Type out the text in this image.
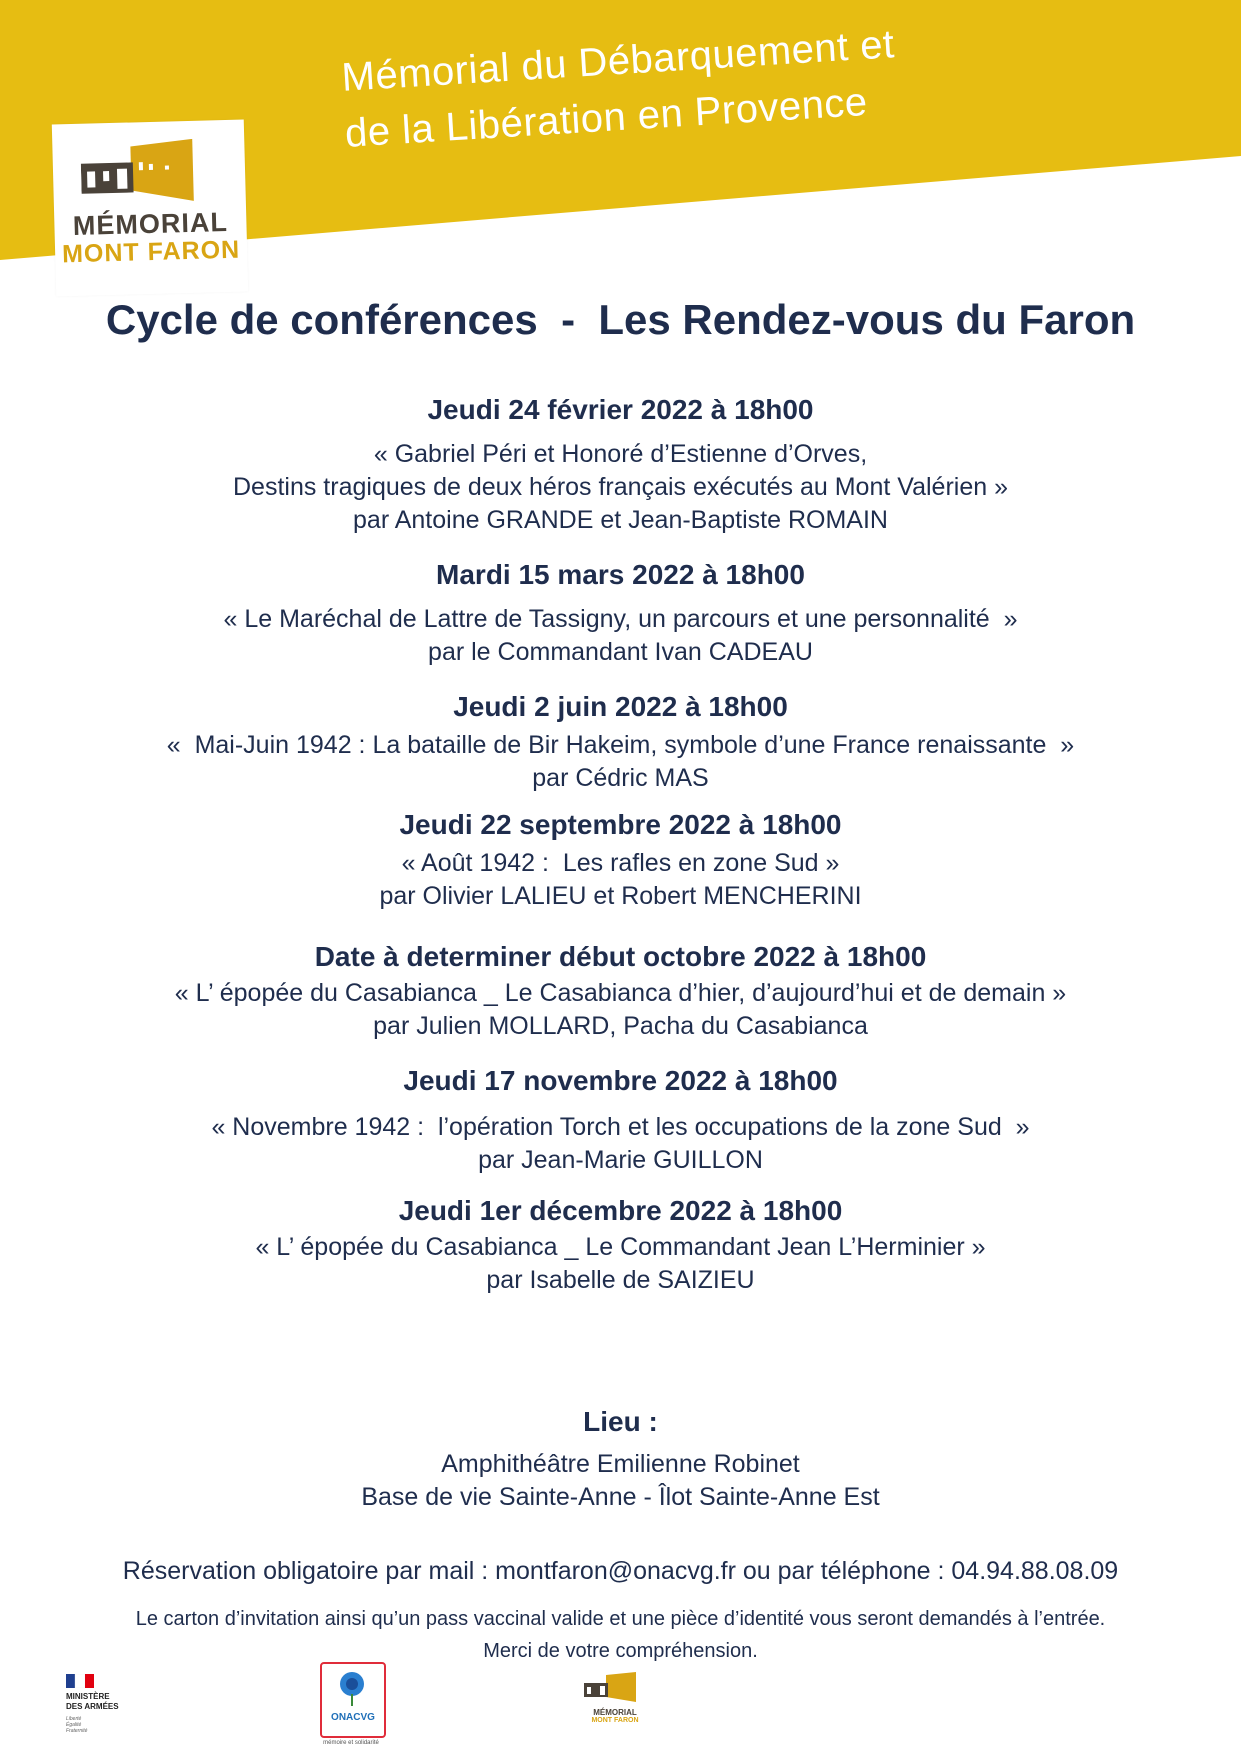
Mémorial du Débarquement et
de la Libération en Provence
MÉMORIAL
MONT FARON
Cycle de conférences  -  Les Rendez-vous du Faron
Jeudi 24 février 2022 à 18h00
« Gabriel Péri et Honoré d’Estienne d’Orves,
Destins tragiques de deux héros français exécutés au Mont Valérien »
par Antoine GRANDE et Jean-Baptiste ROMAIN
Mardi 15 mars 2022 à 18h00
« Le Maréchal de Lattre de Tassigny, un parcours et une personnalité  »
par le Commandant Ivan CADEAU
Jeudi 2 juin 2022 à 18h00
«  Mai-Juin 1942 : La bataille de Bir Hakeim, symbole d’une France renaissante  »
par Cédric MAS
Jeudi 22 septembre 2022 à 18h00
« Août 1942 :  Les rafles en zone Sud »
par Olivier LALIEU et Robert MENCHERINI
Date à determiner début octobre 2022 à 18h00
« L’ épopée du Casabianca _ Le Casabianca d’hier, d’aujourd’hui et de demain »
par Julien MOLLARD, Pacha du Casabianca
Jeudi 17 novembre 2022 à 18h00
« Novembre 1942 :  l’opération Torch et les occupations de la zone Sud  »
par Jean-Marie GUILLON
Jeudi 1er décembre 2022 à 18h00
« L’ épopée du Casabianca _ Le Commandant Jean L’Herminier »
par Isabelle de SAIZIEU
Lieu :
Amphithéâtre Emilienne Robinet
Base de vie Sainte-Anne - Îlot Sainte-Anne Est
Réservation obligatoire par mail : montfaron@onacvg.fr ou par téléphone : 04.94.88.08.09
Le carton d’invitation ainsi qu’un pass vaccinal valide et une pièce d’identité vous seront demandés à l’entrée.
Merci de votre compréhension.
MINISTÈRE
DES ARMÉES
Liberté
Égalité
Fraternité
ONACVG
mémoire et solidarité
MÉMORIAL
MONT FARON
